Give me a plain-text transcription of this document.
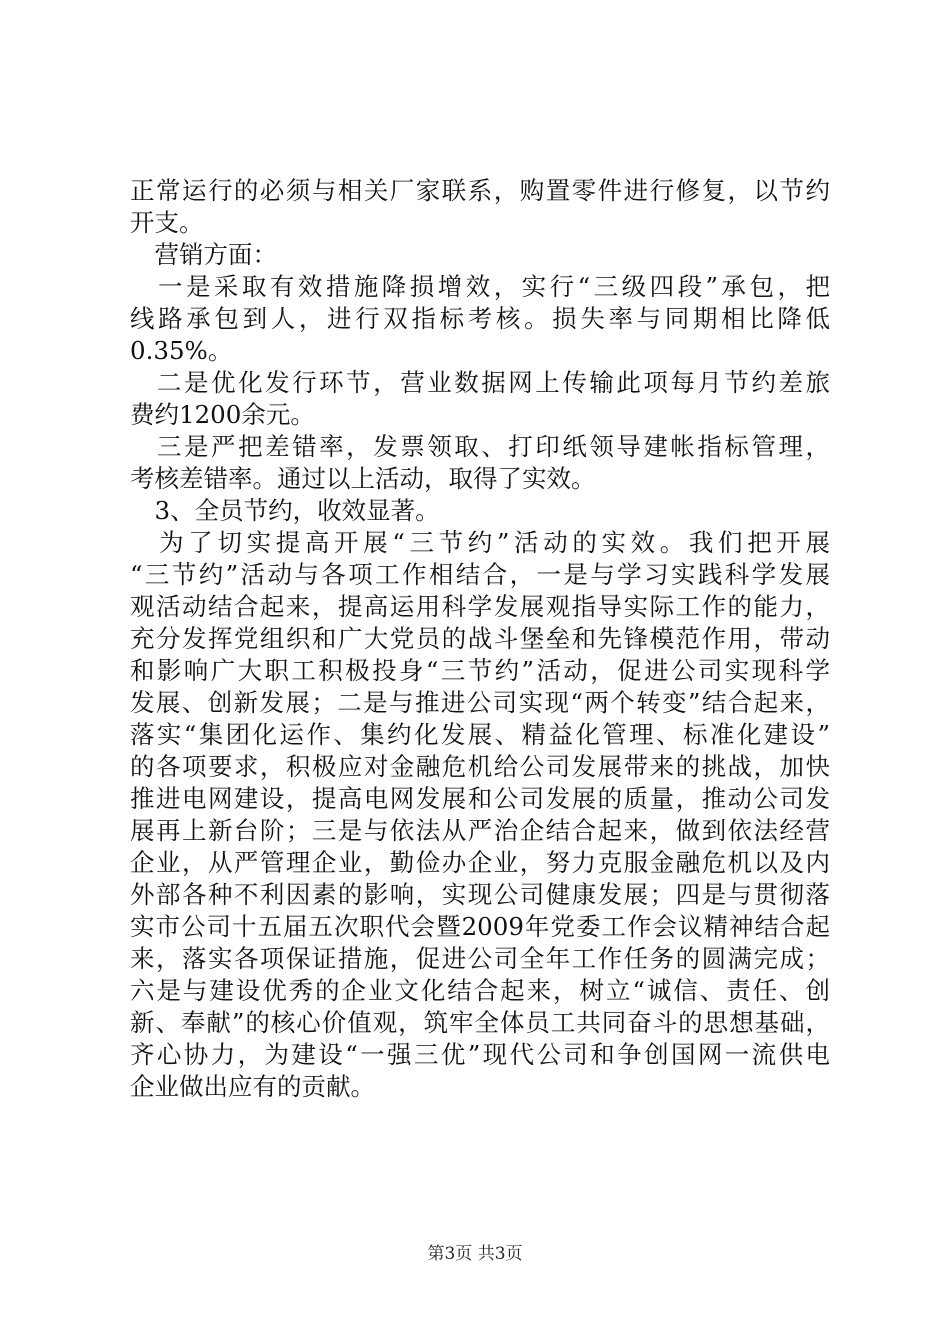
正常运行的必须与相关厂家联系，购置零件进行修复，以节约
开支。
　营销方面：
　一是采取有效措施降损增效，实行“三级四段”承包，把
线路承包到人，进行双指标考核。损失率与同期相比降低
0.35%。
　二是优化发行环节，营业数据网上传输此项每月节约差旅
费约1200余元。
　三是严把差错率，发票领取、打印纸领导建帐指标管理，
考核差错率。通过以上活动，取得了实效。
　3、全员节约，收效显著。
　为了切实提高开展“三节约”活动的实效。我们把开展
“三节约”活动与各项工作相结合，一是与学习实践科学发展
观活动结合起来，提高运用科学发展观指导实际工作的能力，
充分发挥党组织和广大党员的战斗堡垒和先锋模范作用，带动
和影响广大职工积极投身“三节约”活动，促进公司实现科学
发展、创新发展；二是与推进公司实现“两个转变”结合起来，
落实“集团化运作、集约化发展、精益化管理、标准化建设”
的各项要求，积极应对金融危机给公司发展带来的挑战，加快
推进电网建设，提高电网发展和公司发展的质量，推动公司发
展再上新台阶；三是与依法从严治企结合起来，做到依法经营
企业，从严管理企业，勤俭办企业，努力克服金融危机以及内
外部各种不利因素的影响，实现公司健康发展；四是与贯彻落
实市公司十五届五次职代会暨2009年党委工作会议精神结合起
来，落实各项保证措施，促进公司全年工作任务的圆满完成；
六是与建设优秀的企业文化结合起来，树立“诚信、责任、创
新、奉献”的核心价值观，筑牢全体员工共同奋斗的思想基础，
齐心协力，为建设“一强三优”现代公司和争创国网一流供电
企业做出应有的贡献。
第3页 共3页
